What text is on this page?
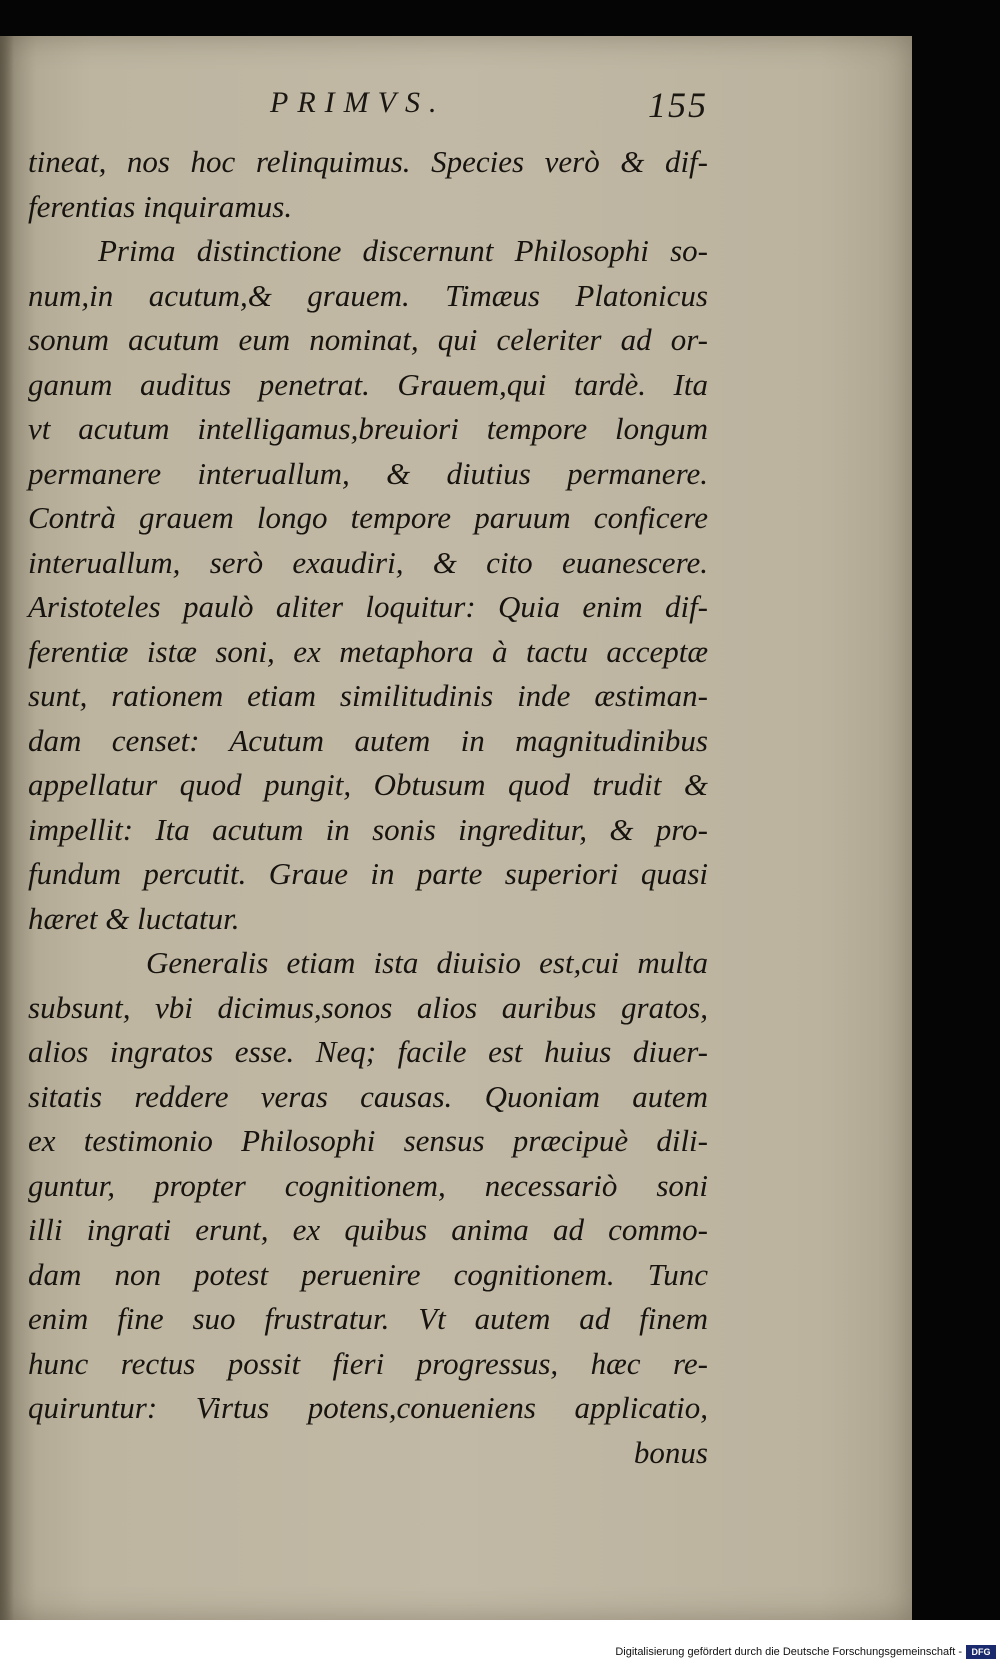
PRIMVS.	155
tineat, nos hoc relinquimus. Species verò & dif-
ferentias inquiramus.
Prima distinctione discernunt Philosophi so-
num,in acutum,& grauem. Timæus Platonicus
sonum acutum eum nominat, qui celeriter ad or-
ganum auditus penetrat. Grauem,qui tardè. Ita
vt acutum intelligamus,breuiori tempore longum
permanere interuallum, & diutius permanere.
Contrà grauem longo tempore paruum conficere
interuallum, serò exaudiri, & cito euanescere.
Aristoteles paulò aliter loquitur: Quia enim dif-
ferentiæ istæ soni, ex metaphora à tactu acceptæ
sunt, rationem etiam similitudinis inde æstiman-
dam censet: Acutum autem in magnitudinibus
appellatur quod pungit, Obtusum quod trudit &
impellit: Ita acutum in sonis ingreditur, & pro-
fundum percutit. Graue in parte superiori quasi
hæret & luctatur.
Generalis etiam ista diuisio est,cui multa
subsunt, vbi dicimus,sonos alios auribus gratos,
alios ingratos esse. Neq; facile est huius diuer-
sitatis reddere veras causas. Quoniam autem
ex testimonio Philosophi sensus præcipuè dili-
guntur, propter cognitionem, necessariò soni
illi ingrati erunt, ex quibus anima ad commo-
dam non potest peruenire cognitionem. Tunc
enim fine suo frustratur. Vt autem ad finem
hunc rectus possit fieri progressus, hæc re-
quiruntur: Virtus potens,conueniens applicatio,
bonus
Digitalisierung gefördert durch die Deutsche Forschungsgemeinschaft -	DFG
